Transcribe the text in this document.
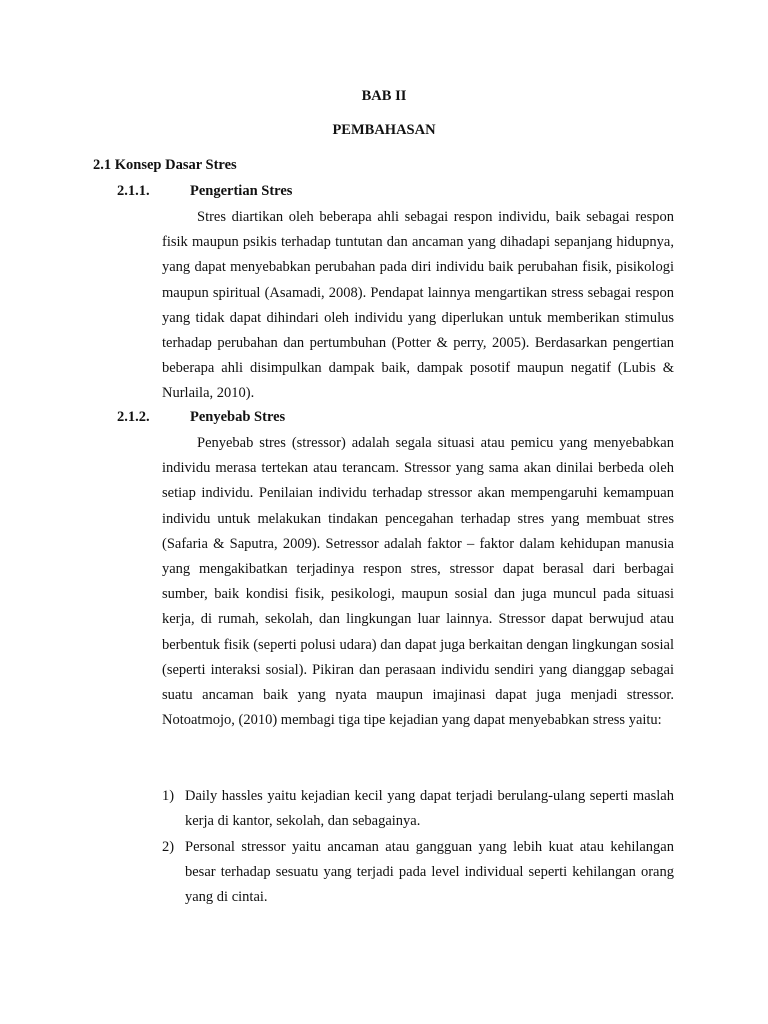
BAB II
PEMBAHASAN
2.1 Konsep Dasar Stres
2.1.1.	Pengertian Stres

Stres diartikan oleh beberapa ahli sebagai respon individu, baik sebagai respon fisik maupun psikis terhadap tuntutan dan ancaman yang dihadapi sepanjang hidupnya, yang dapat menyebabkan perubahan pada diri individu baik perubahan fisik, pisikologi maupun spiritual (Asamadi, 2008). Pendapat lainnya mengartikan stress sebagai respon yang tidak dapat dihindari oleh individu yang diperlukan untuk memberikan stimulus terhadap perubahan dan pertumbuhan (Potter & perry, 2005). Berdasarkan pengertian beberapa ahli disimpulkan dampak baik, dampak posotif maupun negatif (Lubis & Nurlaila, 2010).

2.1.2.	Penyebab Stres

Penyebab stres (stressor) adalah segala situasi atau pemicu yang menyebabkan individu merasa tertekan atau terancam. Stressor yang sama akan dinilai berbeda oleh setiap individu. Penilaian individu terhadap stressor akan mempengaruhi kemampuan individu untuk melakukan tindakan pencegahan terhadap stres yang membuat stres (Safaria & Saputra, 2009). Setressor adalah faktor – faktor dalam kehidupan manusia yang mengakibatkan terjadinya respon stres, stressor dapat berasal dari berbagai sumber, baik kondisi fisik, pesikologi, maupun sosial dan juga muncul pada situasi kerja, di rumah, sekolah, dan lingkungan luar lainnya. Stressor dapat berwujud atau berbentuk fisik (seperti polusi udara) dan dapat juga berkaitan dengan lingkungan sosial (seperti interaksi sosial). Pikiran dan perasaan individu sendiri yang dianggap sebagai suatu ancaman baik yang nyata maupun imajinasi dapat juga menjadi stressor. Notoatmojo, (2010) membagi tiga tipe kejadian yang dapat menyebabkan stress yaitu:

1) Daily hassles yaitu kejadian kecil yang dapat terjadi berulang-ulang seperti maslah kerja di kantor, sekolah, dan sebagainya.
2) Personal stressor yaitu ancaman atau gangguan yang lebih kuat atau kehilangan besar terhadap sesuatu yang terjadi pada level individual seperti kehilangan orang yang di cintai.
